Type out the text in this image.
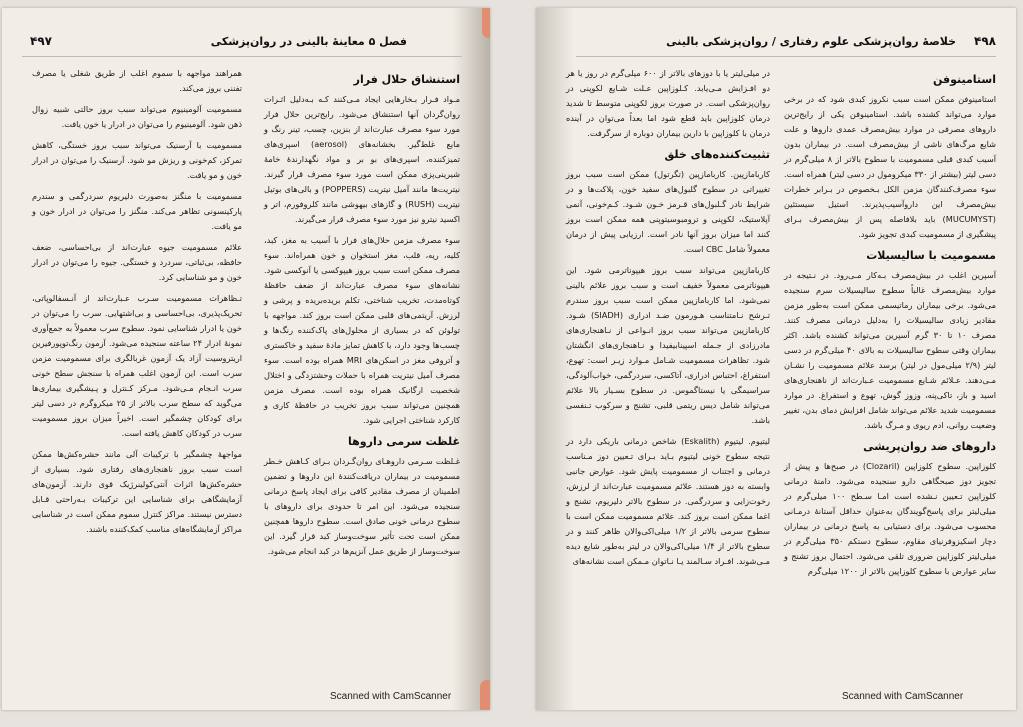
فصل ۵ معاینهٔ بالینی در روان‌پزشکی
۴۹۷
استنشاق حلال فرار

مـواد فـرار بـخارهایی ایجاد مـی‌کنند کـه بـه‌دلیل اثـرات روان‌گردان آنها استنشاق می‌شود. رایج‌ترین حلال فرار مورد سوء مصرف عبارت‌اند از بنزین، چسب، تینر رنگ و مایع غلط‌گیر. بخشانه‌های (aerosol) اسپری‌های تمیزکننده، اسپری‌های بو بر و مواد نگهدارندهٔ خامهٔ شیرینی‌پزی ممکن است مورد سوء مصرف قرار گیرند. نیتریت‌ها مانند آمیل نیتریت (POPPERS) و بالی‌های بوتیل نیتریت (RUSH) و گازهای بیهوشی مانند کلروفورم، اتر و اکسید نیترو نیز مورد سوء مصرف قرار می‌گیرند.

سوء مصرف مزمن حلال‌های فرار با آسیب به مغز، کبد، کلیه، ریه، قلب، مغز استخوان و خون همراه‌اند. سوء مصرف ممکن است سبب بروز هیپوکسی یا آنوکسی شود. نشانه‌های سوء مصرف عبارت‌اند از ضعف حافظهٔ کوتاه‌مدت، تخریب شناختی، تکلم بریده‌بریده و پرشی و لرزش. آریتمی‌های قلبی ممکن است بروز کند. مواجهه با تولوئن که در بسیاری از محلول‌های پاک‌کننده رنگ‌ها و چسب‌ها وجود دارد، با کاهش تمایز مادهٔ سفید و خاکستری و آتروفی مغز در اسکن‌های MRI همراه بوده است. سوء مصرف آمیل نیتریت همراه با حملات وحشتزدگی و اختلال شخصیت ارگانیک همراه بوده است. مصرف مزمن همچنین می‌تواند سبب بروز تخریب در حافظهٔ کاری و کارکرد شناختی اجرایی شود.

غلظت سرمی داروها

غـلظت سـرمی داروهـای روان‌گـردان بـرای کـاهش خـطر مسمومیت در بیماران دریافت‌کنندهٔ این داروها و تضمین اطمینان از مصرف مقادیر کافی برای ایجاد پاسخ درمانی سنجیده می‌شود. این امر تا حدودی برای داروهای با سطوح درمانی خونی صادق است. سطوح داروها همچنین ممکن است تحت تأثیر سوخت‌وساز کبد قرار گیرد. این سوخت‌وساز از طریق عمل آنزیم‌ها در کبد انجام می‌شود.

همراهند مواجهه با سموم اغلب از طریق شغلی یا مصرف تفننی بروز می‌کند.

مسمومیت آلومینیوم می‌تواند سبب بروز حالتی شبیه زوال ذهن شود. آلومینیوم را می‌توان در ادرار یا خون یافت.

مسمومیت با آرسنیک می‌تواند سبب بروز خستگی، کاهش تمرکز، کم‌خونی و ریزش مو شود. آرسنیک را می‌توان در ادرار خون و مو یافت.

مسمومیت با منگنز به‌صورت دلیریوم سردرگمی و سندرم پارکینسونی تظاهر می‌کند. منگنز را می‌توان در ادرار خون و مو یافت.

علائم مسمومیت جیوه عبارت‌اند از بی‌احساسی، ضعف حافظه، بی‌ثباتی، سردرد و خستگی. جیوه را می‌توان در ادرار خون و مو شناسایی کرد.

تـظاهرات مسمومیت سـرب عـبارت‌اند از آنـسفالوپاتی، تحریک‌پذیری، بی‌احساسی و بی‌اشتهایی. سرب را می‌توان در خون یا ادرار شناسایی نمود. سطوح سرب معمولاً به جمع‌آوری نمونهٔ ادرار ۲۴ ساعته سنجیده می‌شود. آزمون رنگ‌توپورفیرین اریتروسیت آزاد یک آزمون غربالگری برای مسمومیت مزمن سرب است. این آزمون اغلب همراه با سنجش سطح خونی سرب انـجام مـی‌شود. مـرکز کـنترل و پـیشگیری بیماری‌ها می‌گوید که سطح سرب بالاتر از ۲۵ میکروگرم در دسی لیتر برای کودکان چشمگیر است. اخیراً میزان بروز مسمومیت سرب در کودکان کاهش یافته است.

مواجههٔ چشمگیر با ترکیبات آلی مانند حشره‌کش‌ها ممکن است سبب بروز ناهنجاری‌های رفتاری شود. بسیاری از حشره‌کش‌ها اثرات آنتی‌کولینرژیک قوی دارند. آزمون‌های آزمایشگاهی برای شناسایی این ترکیبات بـه‌راحتی قـابل دسترس نیستند. مراکز کنترل سموم ممکن است در شناسایی مراکز آزمایشگاه‌های مناسب کمک‌کننده باشند.

Scanned with CamScanner
۴۹۸
خلاصهٔ روان‌پزشکی علوم رفتاری / روان‌پزشکی بالینی
استامینوفن

استامینوفن ممکن است سبب نکروز کبدی شود که در برخی موارد می‌تواند کشنده باشد. استامینوفن یکی از رایج‌ترین داروهای مصرفی در موارد بیش‌مصرف عمدی داروها و علت شایع مرگ‌های ناشی از بیش‌مصرف است. در بیماران بدون آسیب کبدی قبلی مسمومیت با سطوح بالاتر از ۸ میلی‌گرم در دسی لیتر (بیشتر از ۳۳۰ میکرومول در دسی لیتر) همراه است. سوء مصرف‌کنندگان مزمن الکل بـخصوص در بـرابر خطرات بیش‌مصرف این داروآسیب‌پذیرند. استیل سیستئین (MUCUMYST) باید بلافاصله پس از بیش‌مصرف بـرای پیشگیری از مسمومیت کبدی تجویز شود.

مسمومیت با سالیسیلات

آسپرین اغلب در بیش‌مصرف بـه‌کار مـی‌رود. در نـتیجه در موارد بیش‌مصرف غالباً سطوح سالیسیلات سرم سنجیده می‌شود. برخی بیماران رماتیسمی ممکن است به‌طور مزمن مقادیر زیادی سالیسیلات را به‌دلیل درمانی مصرف کنند. مصرف ۱۰ تا ۳۰ گرم آسپرین می‌تواند کشنده باشد. اکثر بیماران وقتی سطوح سالیسیلات به بالای ۴۰ میلی‌گرم در دسی لیتر (۲/۹ میلی‌مول در لیتر) برسد علائم مسمومیت را نشـان مـی‌دهند. عـلائم شـایع مسمومیت عـبارت‌اند از ناهنجاری‌های اسید و باز، تاکی‌پنه، وزوز گوش، تهوع و استفراغ. در موارد مسمومیت شدید علائم می‌تواند شامل افزایش دمای بدن، تغییر وضعیت روانی، ادم ریوی و مـرگ باشد.

داروهای ضد روان‌پریشی

کلوزاپین. سطوح کلوزاپین (Clozaril) در صبح‌ها و پیش از تجویز دوز صبحگاهی دارو سنجیده می‌شود. دامنهٔ درمانی کلوزاپین تـعیین نـشده است امـا سـطح ۱۰۰ میلی‌گرم در میلی‌لیتر برای پاسخ‌گویندگان به‌عنوان حداقل آستانهٔ درمـانی محسوب می‌شود. برای دستیابی به پاسخ درمانی در بیماران دچار اسکیزوفرنیای مقاوم، سطوح دستکم ۳۵۰ میلی‌گرم در میلی‌لیتر کلوزاپین ضروری تلقی می‌شود. احتمال بروز تشنج و سایر عوارض با سطوح کلوزاپین بالاتر از ۱۲۰۰ میلی‌گرم

در میلی‌لیتر یا با دوزهای بالاتر از ۶۰۰ میلی‌گرم در روز یا هر دو افـزایش مـی‌یابد. کـلوزاپین عـلت شـایع لکوپنی در روان‌پزشکی است. در صورت بروز لکوپنی متوسط تا شدید درمان کلوزاپین باید قطع شود اما بعداً می‌توان در آینده درمان با کلوزاپین با دارین بیماران دوباره از سرگرفت.

تثبیت‌کننده‌های خلق

کاربامازپین. کاربامازپین (تگرتول) ممکن است سبب بروز تغییراتی در سطوح گلبول‌های سفید خون، پلاکت‌ها و در شرایط نادر گـلبول‌های قـرمز خـون شـود. کـم‌خونی، آنمی آپلاستیک، لکوپنی و ترومبوسیتوپنی همه ممکن است بروز کنند اما میزان بروز آنها نادر است. ارزیابی پیش از درمان معمولاً شامل CBC است.

کاربامازپین می‌تواند سبب بروز هیپوناترمی شود. این هیپوناترمی معمولاً خفیف است و سبب بروز علائم بالینی نمی‌شود. اما کاربامازپین ممکن است سبب بروز سندرم تـرشح نـامتناسب هـورمون ضـد ادراری (SIADH) شـود. کاربامازپین می‌تواند سبب بروز انـواعی از نـاهنجاری‌های مادرزادی از جـمله اسپینابیفیدا و نـاهنجاری‌های انگشتان شود. تظاهرات مسمومیت شـامل مـوارد زیـر است: تهوع، استفراغ، احتباس ادراری، آتاکسی، سردرگمی، خواب‌آلودگی، سراسیمگی یا نیستاگموس. در سطوح بسـیار بالا علائم می‌تواند شامل دیس ریتمی قلبی، تشنج و سرکوب تـنفسی باشد.

لیتیوم. لیتیوم (Eskalith) شاخص درمانی باریکی دارد در نتیجه سطوح خونی لیتیوم بـاید بـرای تـعیین دوز مـناسب درمانی و اجتناب از مسمومیت پایش شود. عوارض جانبی وابسته به دوز هستند. علائم مسمومیت عبارت‌اند از لرزش، رخوت‌زایی و سردرگمی. در سطوح بالاتر دلیریوم، تشنج و اغما ممکن است بروز کند. علائم مسمومیت ممکن است با سطوح سرمی بالاتر از ۱/۲ میلی‌اکی‌والان ظاهر کنند و در سطوح بالاتر از ۱/۴ میلی‌اکی‌والان در لیتر به‌طور شایع دیده مـی‌شوند. افـراد سـالمند یـا نـاتوان مـمکن است نشانه‌های

Scanned with CamScanner
